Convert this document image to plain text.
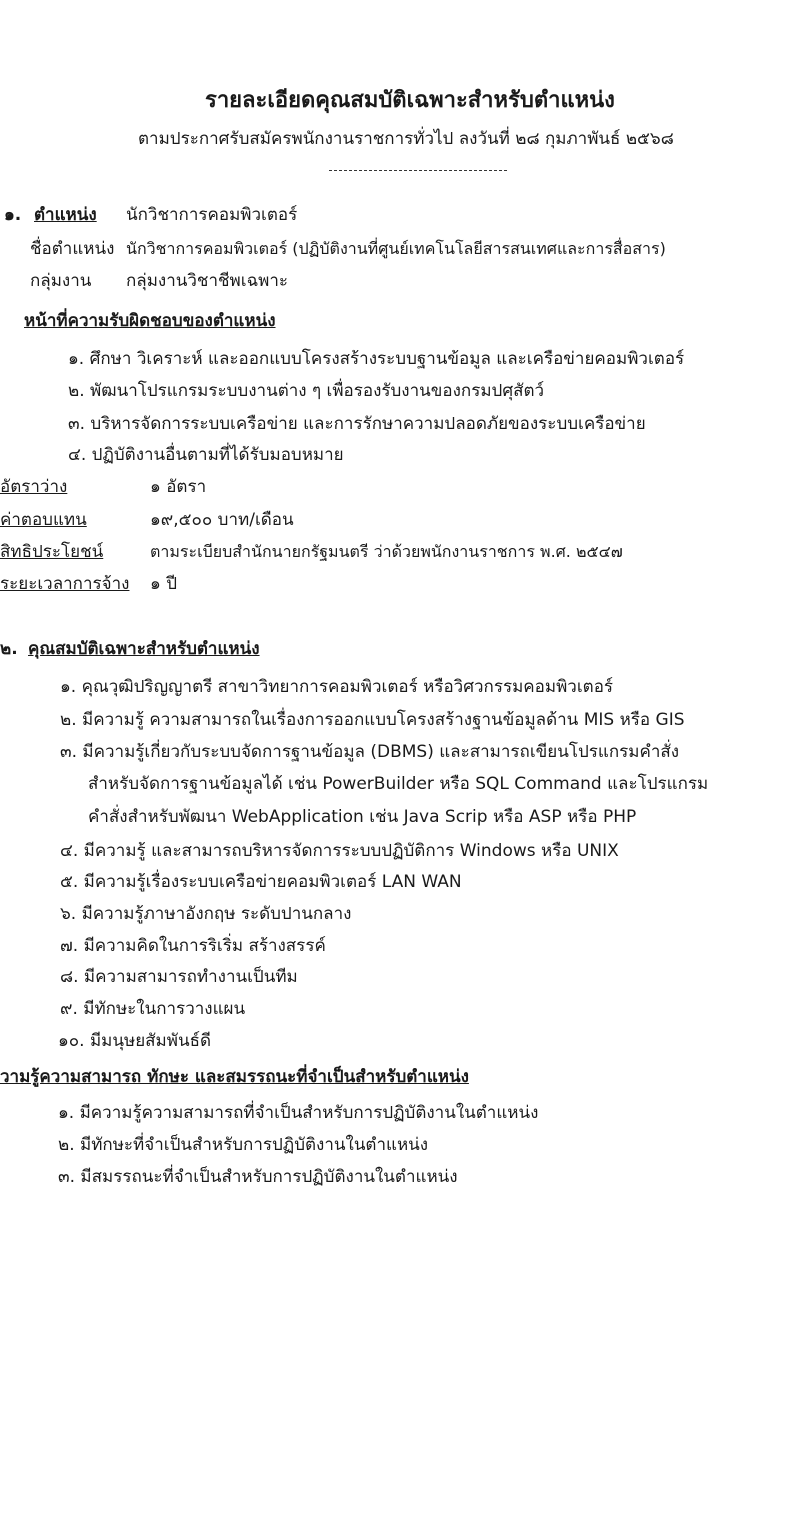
รายละเอียดคุณสมบัติเฉพาะสำหรับตำแหน่ง
ตามประกาศรับสมัครพนักงานราชการทั่วไป ลงวันที่ ๒๘ กุมภาพันธ์ ๒๕๖๘
๑. ตำแหน่ง นักวิชาการคอมพิวเตอร์
ชื่อตำแหน่ง นักวิชาการคอมพิวเตอร์ (ปฏิบัติงานที่ศูนย์เทคโนโลยีสารสนเทศและการสื่อสาร)
กลุ่มงาน กลุ่มงานวิชาชีพเฉพาะ
หน้าที่ความรับผิดชอบของตำแหน่ง
๑. ศึกษา วิเคราะห์ และออกแบบโครงสร้างระบบฐานข้อมูล และเครือข่ายคอมพิวเตอร์
๒. พัฒนาโปรแกรมระบบงานต่าง ๆ เพื่อรองรับงานของกรมปศุสัตว์
๓. บริหารจัดการระบบเครือข่าย และการรักษาความปลอดภัยของระบบเครือข่าย
๔. ปฏิบัติงานอื่นตามที่ได้รับมอบหมาย
อัตราว่าง	๑ อัตรา
ค่าตอบแทน	๑๙,๕๐๐ บาท/เดือน
สิทธิประโยชน์	ตามระเบียบสำนักนายกรัฐมนตรี ว่าด้วยพนักงานราชการ พ.ศ. ๒๕๔๗
ระยะเวลาการจ้าง ๑ ปี
๒. คุณสมบัติเฉพาะสำหรับตำแหน่ง
๑. คุณวุฒิปริญญาตรี สาขาวิทยาการคอมพิวเตอร์ หรือวิศวกรรมคอมพิวเตอร์
๒. มีความรู้ ความสามารถในเรื่องการออกแบบโครงสร้างฐานข้อมูลด้าน MIS หรือ GIS
๓. มีความรู้เกี่ยวกับระบบจัดการฐานข้อมูล (DBMS) และสามารถเขียนโปรแกรมคำสั่ง
สำหรับจัดการฐานข้อมูลได้ เช่น PowerBuilder หรือ SQL Command และโปรแกรม
คำสั่งสำหรับพัฒนา WebApplication เช่น Java Scrip หรือ ASP หรือ PHP
๔. มีความรู้ และสามารถบริหารจัดการระบบปฏิบัติการ Windows หรือ UNIX
๕. มีความรู้เรื่องระบบเครือข่ายคอมพิวเตอร์ LAN WAN
๖. มีความรู้ภาษาอังกฤษ ระดับปานกลาง
๗. มีความคิดในการริเริ่ม สร้างสรรค์
๘. มีความสามารถทำงานเป็นทีม
๙. มีทักษะในการวางแผน
๑๐. มีมนุษยสัมพันธ์ดี
วามรู้ความสามารถ ทักษะ และสมรรถนะที่จำเป็นสำหรับตำแหน่ง
๑. มีความรู้ความสามารถที่จำเป็นสำหรับการปฏิบัติงานในตำแหน่ง
๒. มีทักษะที่จำเป็นสำหรับการปฏิบัติงานในตำแหน่ง
๓. มีสมรรถนะที่จำเป็นสำหรับการปฏิบัติงานในตำแหน่ง
